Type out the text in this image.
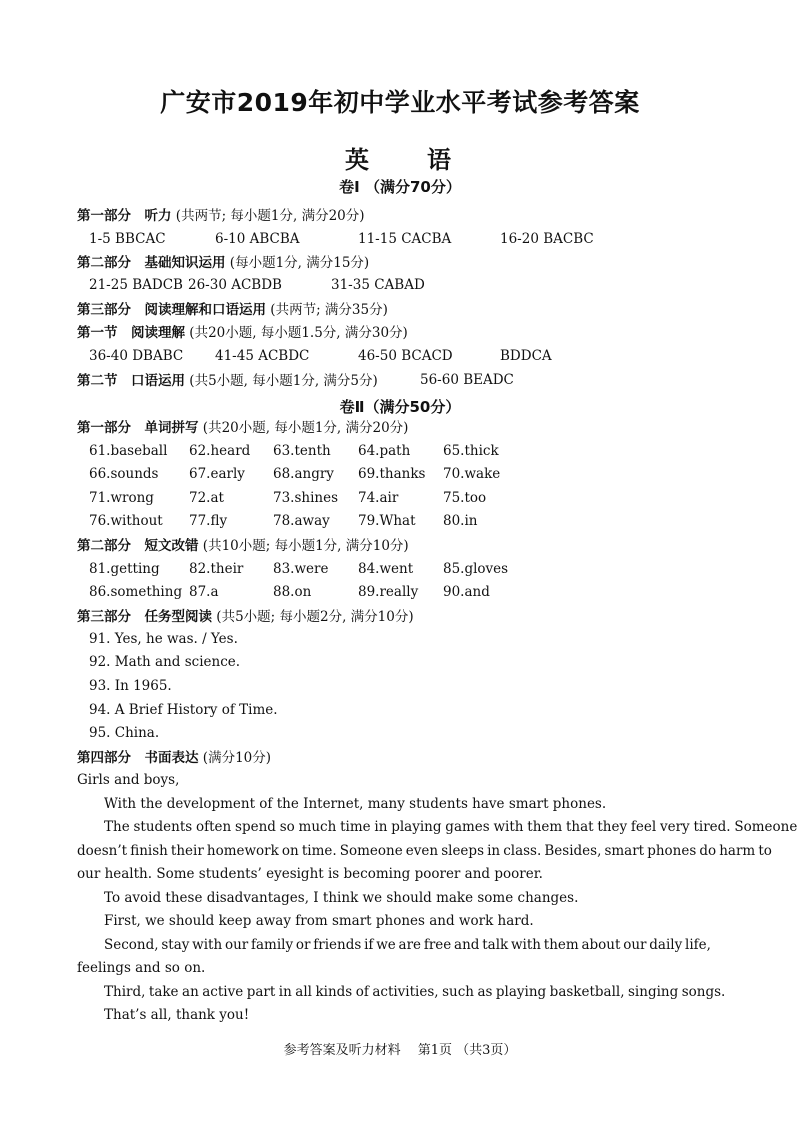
广安市2019年初中学业水平考试参考答案
英 语
卷Ⅰ （满分70分）
第一部分　听力 (共两节; 每小题1分, 满分20分)
1-5 BBCAC	6-10 ABCBA	11-15 CACBA	16-20 BACBC
第二部分　基础知识运用 (每小题1分, 满分15分)
21-25 BADCB 26-30 ACBDB	31-35 CABAD
第三部分　阅读理解和口语运用 (共两节; 满分35分)
第一节　阅读理解 (共20小题, 每小题1.5分, 满分30分)
36-40 DBABC 41-45 ACBDC	46-50 BCACD	BDDCA
第二节　口语运用 (共5小题, 每小题1分, 满分5分)	56-60 BEADC
卷Ⅱ（满分50分）
第一部分　单词拼写 (共20小题, 每小题1分, 满分20分)
61.baseball 62.heard 63.tenth 64.path 65.thick
66.sounds 67.early 68.angry 69.thanks 70.wake
71.wrong	72.at	73.shines 74.air	75.too
76.without 77.fly	78.away 79.What 80.in
第二部分　短文改错 (共10小题; 每小题1分, 满分10分)
81.getting 82.their 83.were 84.went 85.gloves
86.something 87.a	88.on	89.really 90.and
第三部分　任务型阅读 (共5小题; 每小题2分, 满分10分)
91. Yes, he was. / Yes.
92. Math and science.
93. In 1965.
94. A Brief History of Time.
95. China.
第四部分　书面表达 (满分10分)
Girls and boys,
With the development of the Internet, many students have smart phones.
The students often spend so much time in playing games with them that they feel very tired. Someone
doesn’t finish their homework on time. Someone even sleeps in class. Besides, smart phones do harm to
our health. Some students’ eyesight is becoming poorer and poorer.
To avoid these disadvantages, I think we should make some changes.
First, we should keep away from smart phones and work hard.
Second, stay with our family or friends if we are free and talk with them about our daily life,
feelings and so on.
Third, take an active part in all kinds of activities, such as playing basketball, singing songs.
That’s all, thank you!
参考答案及听力材料　 第1页 （共3页）
